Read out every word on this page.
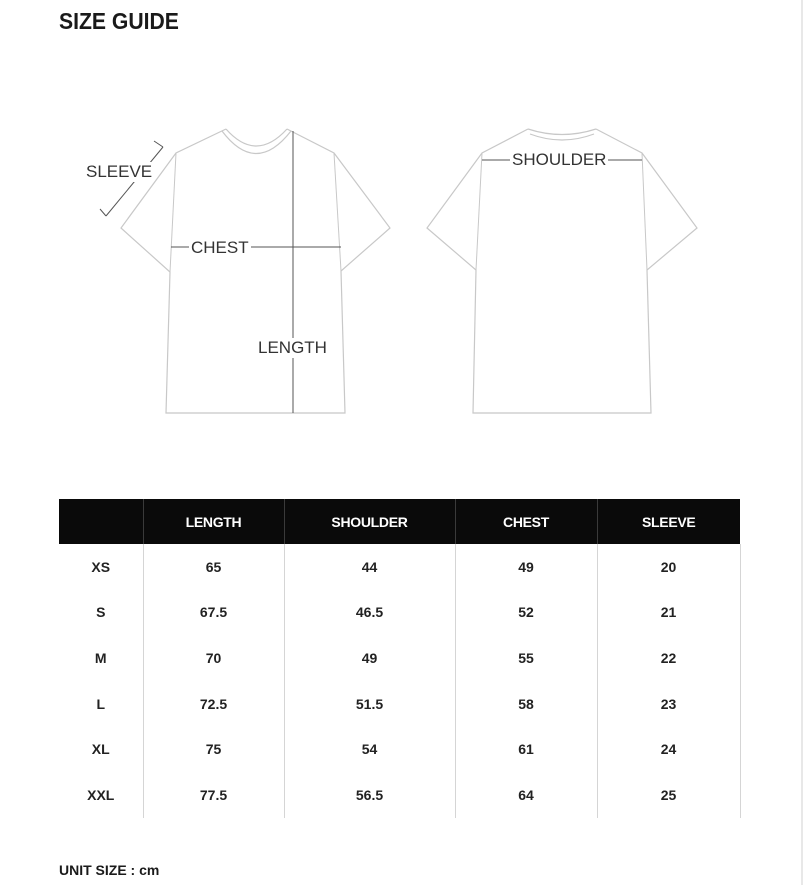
SIZE GUIDE
SLEEVE
CHEST
LENGTH
SHOULDER
	LENGTH	SHOULDER	CHEST	SLEEVE
XS	65	44	49	20
S	67.5	46.5	52	21
M	70	49	55	22
L	72.5	51.5	58	23
XL	75	54	61	24
XXL	77.5	56.5	64	25
UNIT SIZE : cm
